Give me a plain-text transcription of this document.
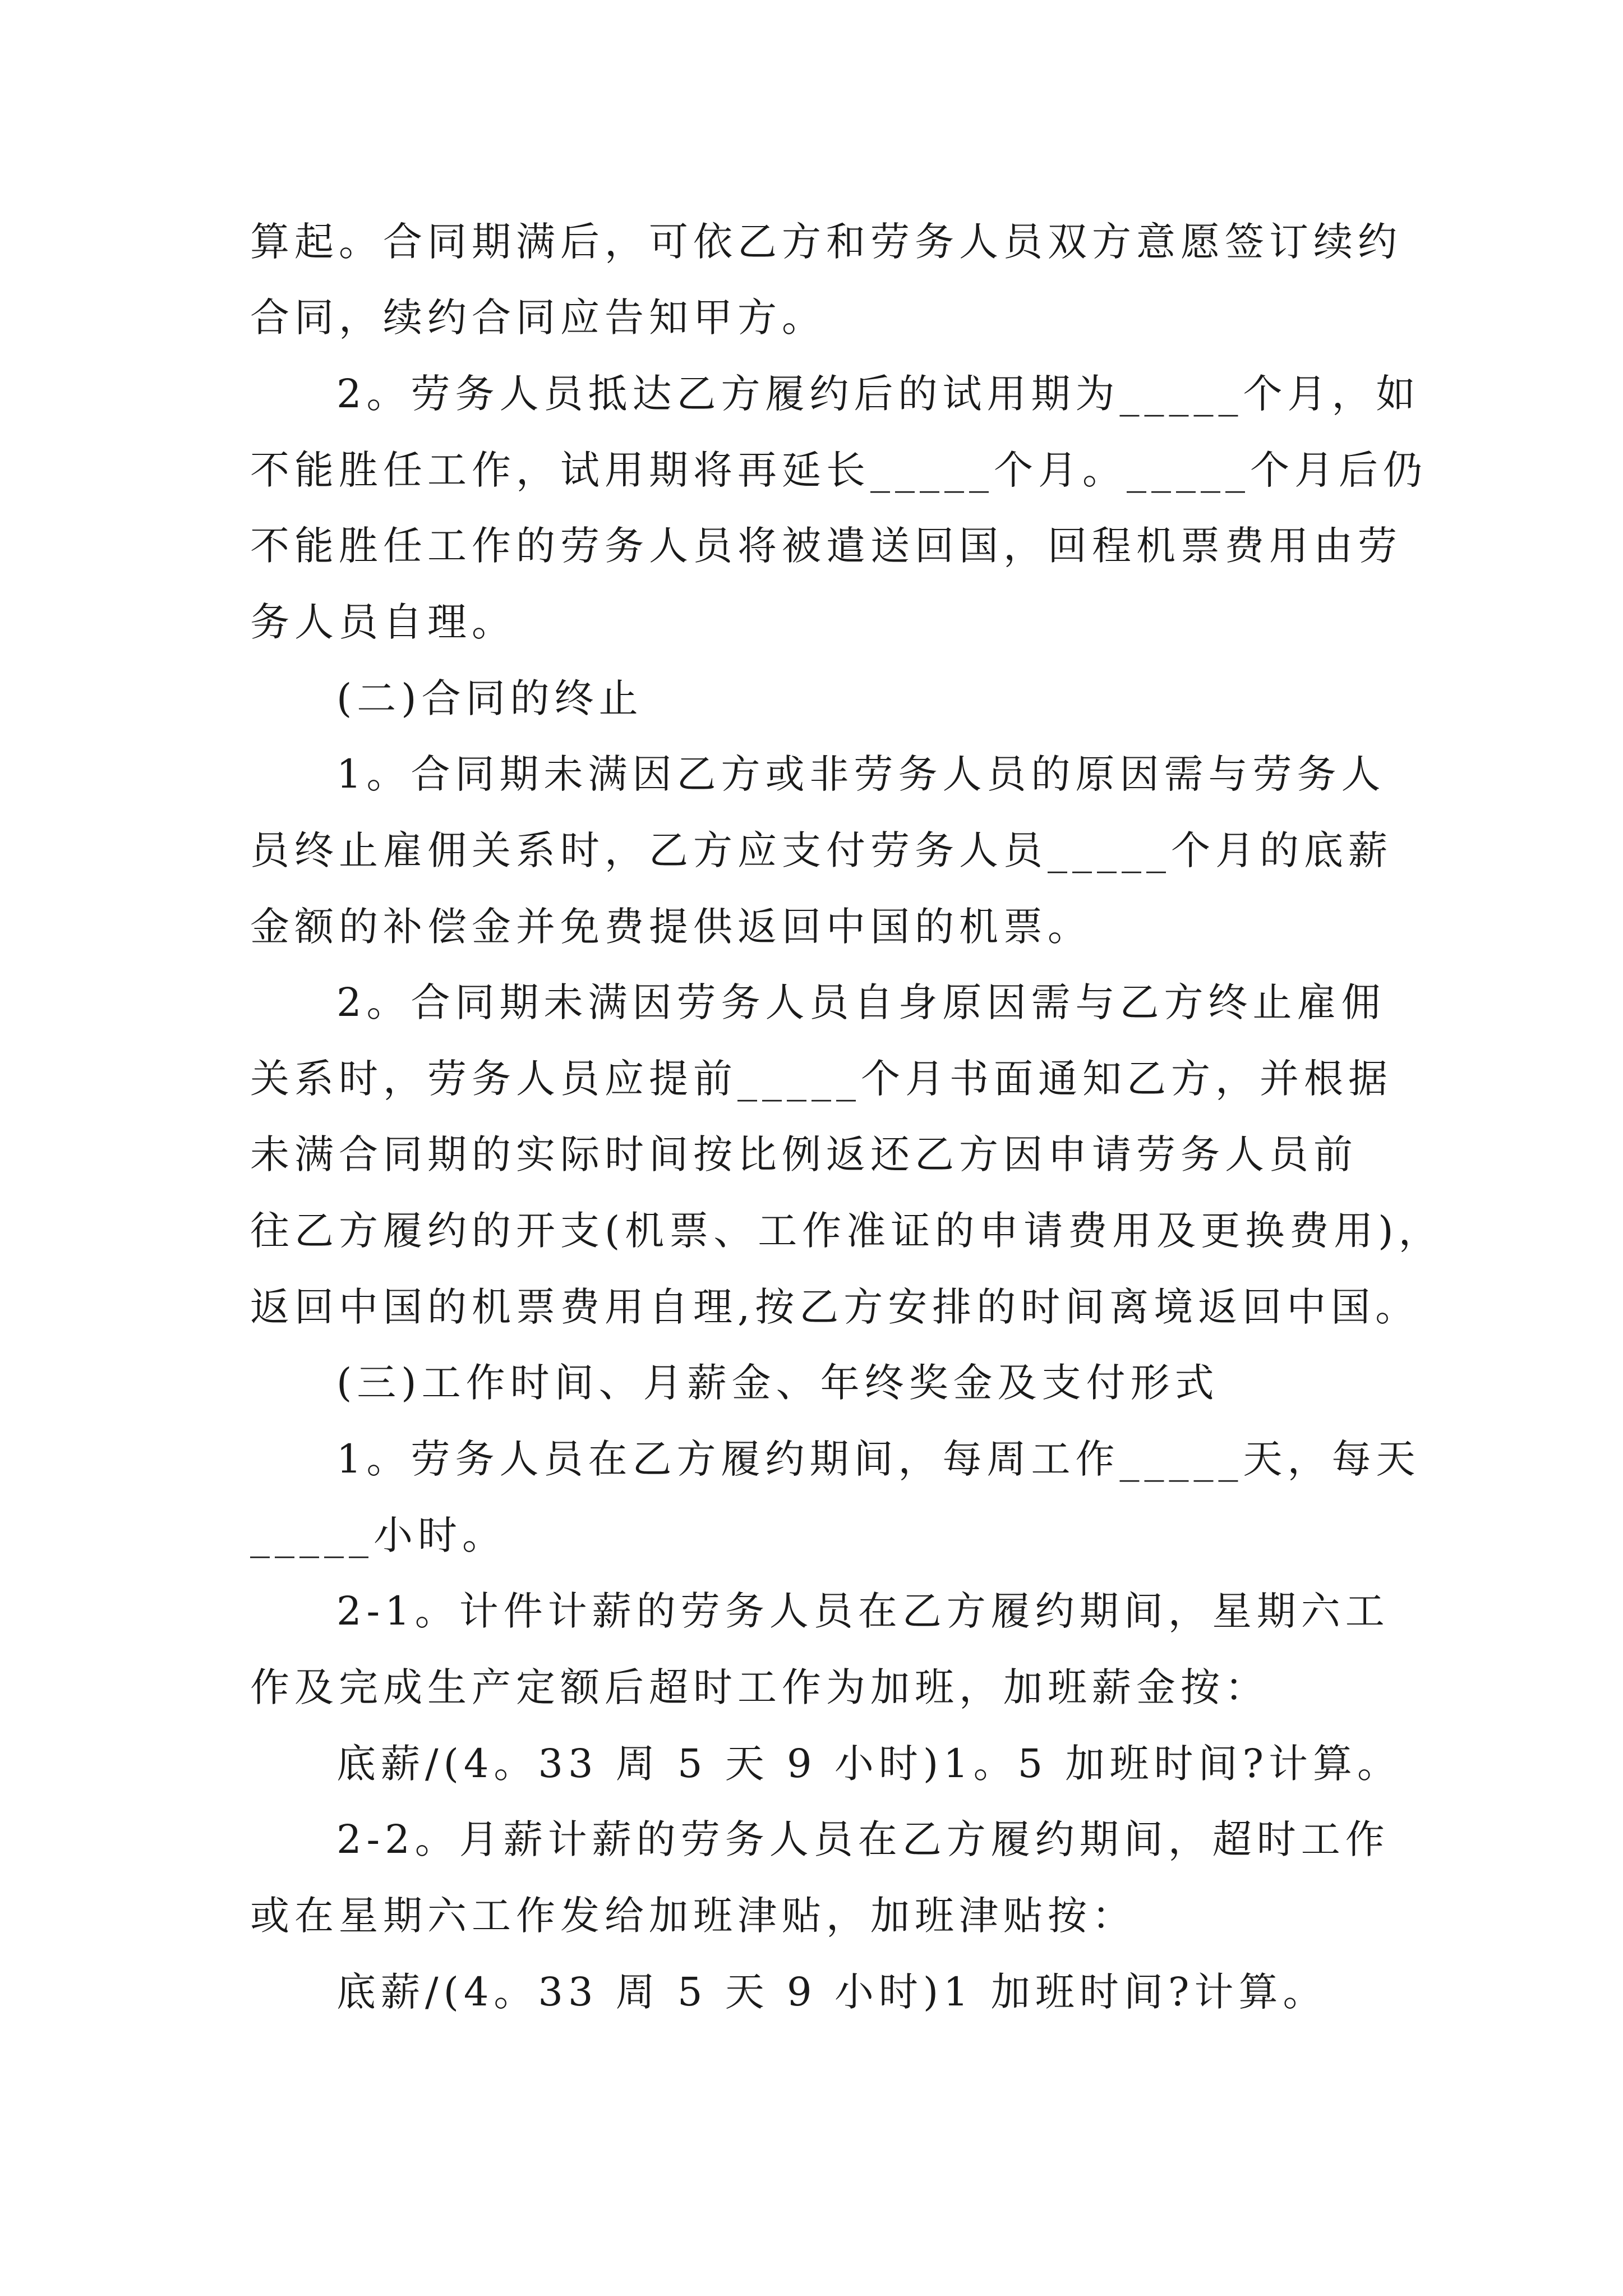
算起。合同期满后，可依乙方和劳务人员双方意愿签订续约
合同，续约合同应告知甲方。
2。劳务人员抵达乙方履约后的试用期为_____个月，如
不能胜任工作，试用期将再延长_____个月。_____个月后仍
不能胜任工作的劳务人员将被遣送回国，回程机票费用由劳
务人员自理。
(二)合同的终止
1。合同期未满因乙方或非劳务人员的原因需与劳务人
员终止雇佣关系时，乙方应支付劳务人员_____个月的底薪
金额的补偿金并免费提供返回中国的机票。
2。合同期未满因劳务人员自身原因需与乙方终止雇佣
关系时，劳务人员应提前_____个月书面通知乙方，并根据
未满合同期的实际时间按比例返还乙方因申请劳务人员前
往乙方履约的开支(机票、工作准证的申请费用及更换费用)，
返回中国的机票费用自理,按乙方安排的时间离境返回中国。
(三)工作时间、月薪金、年终奖金及支付形式
1。劳务人员在乙方履约期间，每周工作_____天，每天
_____小时。
2-1。计件计薪的劳务人员在乙方履约期间，星期六工
作及完成生产定额后超时工作为加班，加班薪金按：
底薪/(4。33 周 5 天 9 小时)1。5 加班时间?计算。
2-2。月薪计薪的劳务人员在乙方履约期间，超时工作
或在星期六工作发给加班津贴，加班津贴按：
底薪/(4。33 周 5 天 9 小时)1 加班时间?计算。
